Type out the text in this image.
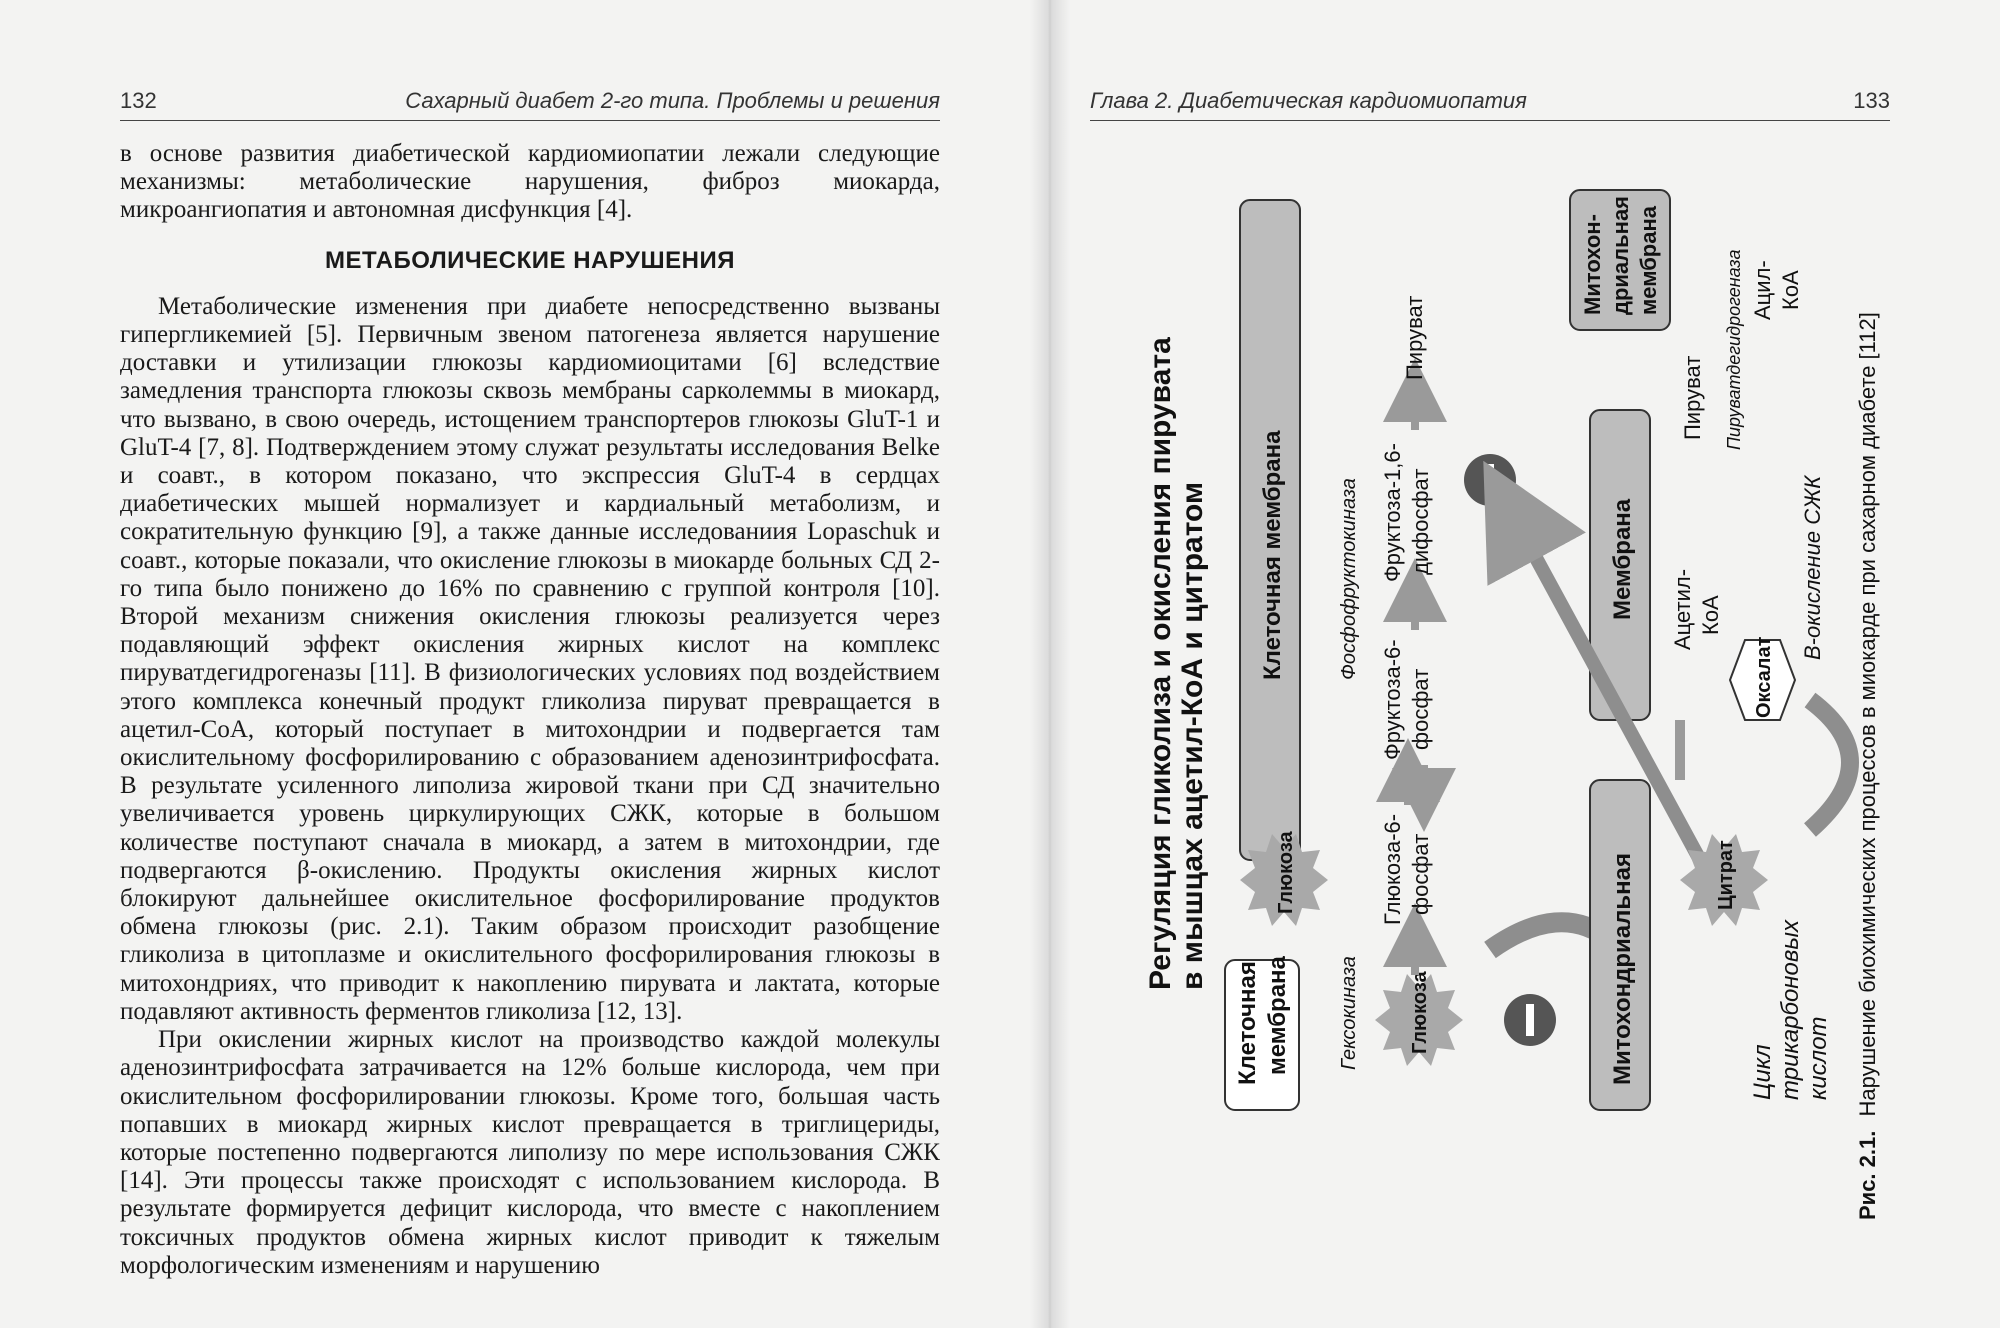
132	Сахарный диабет 2-го типа. Проблемы и решения

в основе развития диабетической кардиомиопатии лежали следующие механизмы: метаболические нарушения, фиброз миокарда, микроангиопатия и автономная дисфункция [4].

МЕТАБОЛИЧЕСКИЕ НАРУШЕНИЯ

Метаболические изменения при диабете непосредственно вызваны гипергликемией [5]. Первичным звеном патогенеза является нарушение доставки и утилизации глюкозы кардиомиоцитами [6] вследствие замедления транспорта глюкозы сквозь мембраны сарколеммы в миокард, что вызвано, в свою очередь, истощением транспортеров глюкозы GluT-1 и GluT-4 [7, 8]. Подтверждением этому служат результаты исследования Belke и соавт., в котором показано, что экспрессия GluT-4 в сердцах диабетических мышей нормализует и кардиальный метаболизм, и сократительную функцию [9], а также данные исследованиия Lopaschuk и соавт., которые показали, что окисление глюкозы в миокарде больных СД 2-го типа было понижено до 16% по сравнению с группой контроля [10]. Второй механизм снижения окисления глюкозы реализуется через подавляющий эффект окисления жирных кислот на комплекс пируватдегидрогеназы [11]. В физиологических условиях под воздействием этого комплекса конечный продукт гликолиза пируват превращается в ацетил-CoA, который поступает в митохондрии и подвергается там окислительному фосфорилированию с образованием аденозинтрифосфата. В результате усиленного липолиза жировой ткани при СД значительно увеличивается уровень циркулирующих СЖК, которые в большом количестве поступают сначала в миокард, а затем в митохондрии, где подвергаются β-окислению. Продукты окисления жирных кислот блокируют дальнейшее окислительное фосфорилирование продуктов обмена глюкозы (рис. 2.1). Таким образом происходит разобщение гликолиза в цитоплазме и окислительного фосфорилирования глюкозы в митохондриях, что приводит к накоплению пирувата и лактата, которые подавляют активность ферментов гликолиза [12, 13].

При окислении жирных кислот на производство каждой молекулы аденозинтрифосфата затрачивается на 12% больше кислорода, чем при окислительном фосфорилировании глюкозы. Кроме того, большая часть попавших в миокард жирных кислот превращается в триглицериды, которые постепенно подвергаются липолизу по мере использования СЖК [14]. Эти процессы также происходят с использованием кислорода. В результате формируется дефицит кислорода, что вместе с накоплением токсичных продуктов обмена жирных кислот приводит к тяжелым морфологическим изменениям и нарушению

Глава 2. Диабетическая кардиомиопатия	133
Регуляция гликолиза и окисления пирувата в мышцах ацетил-КоА и цитратом
Клеточная мембрана
Клеточная мембрана
Глюкоза
Гексокиназа
Фосфофруктокиназа
Глюкоза
Глюкоза-6- фосфат
Фруктоза-6- фосфат
Фруктоза-1,6- дифосфат
Пируват
Митохондриальная
Мембрана
Митохон- дриальная мембрана
Цитрат
Ацетил- КоА
Оксалат
Пируват Пируватдегидрогеназа Ацил- КоА
В-окисление СЖК
Цикл трикарбоновых кислот
Рис. 2.1. Нарушение биохимических процессов в миокарде при сахарном диабете [112]
